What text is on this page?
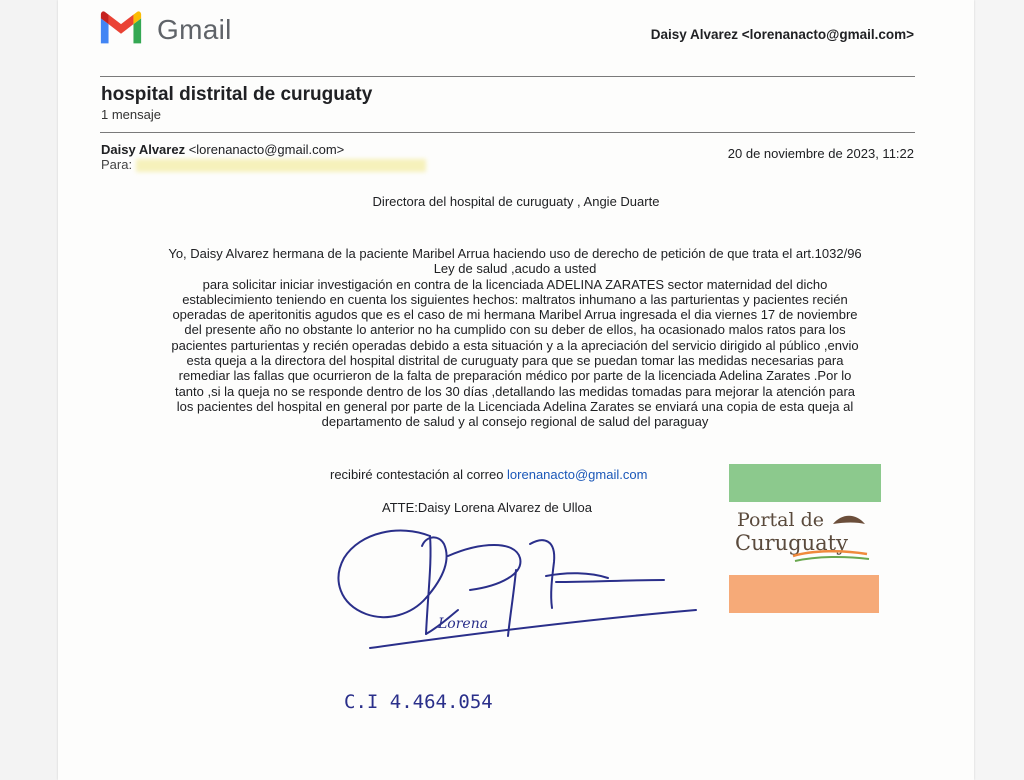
Gmail	Daisy Alvarez <lorenanacto@gmail.com>
hospital distrital de curuguaty
1 mensaje
Daisy Alvarez <lorenanacto@gmail.com>	20 de noviembre de 2023, 11:22
Para:
Directora del hospital de curuguaty , Angie Duarte
Yo, Daisy Alvarez hermana de la paciente Maribel Arrua haciendo uso de derecho de petición de que trata el art.1032/96
Ley de salud ,acudo a usted
para solicitar iniciar investigación en contra de la licenciada ADELINA ZARATES sector maternidad del dicho
establecimiento teniendo en cuenta los siguientes hechos: maltratos inhumano a las parturientas y pacientes recién
operadas de aperitonitis agudos que es el caso de mi hermana Maribel Arrua ingresada el dia viernes 17 de noviembre
del presente año no obstante lo anterior no ha cumplido con su deber de ellos, ha ocasionado malos ratos para los
pacientes parturientas y recién operadas debido a esta situación y a la apreciación del servicio dirigido al público ,envio
esta queja a la directora del hospital distrital de curuguaty para que se puedan tomar las medidas necesarias para
remediar las fallas que ocurrieron de la falta de preparación médico por parte de la licenciada Adelina Zarates .Por lo
tanto ,si la queja no se responde dentro de los 30 días ,detallando las medidas tomadas para mejorar la atención para
los pacientes del hospital en general por parte de la Licenciada Adelina Zarates se enviará una copia de esta queja al
departamento de salud y al consejo regional de salud del paraguay
recibiré contestación al correo lorenanacto@gmail.com
ATTE:Daisy Lorena Alvarez de Ulloa
Lorena
C.I 4.464.054
Portal de
Curuguaty
